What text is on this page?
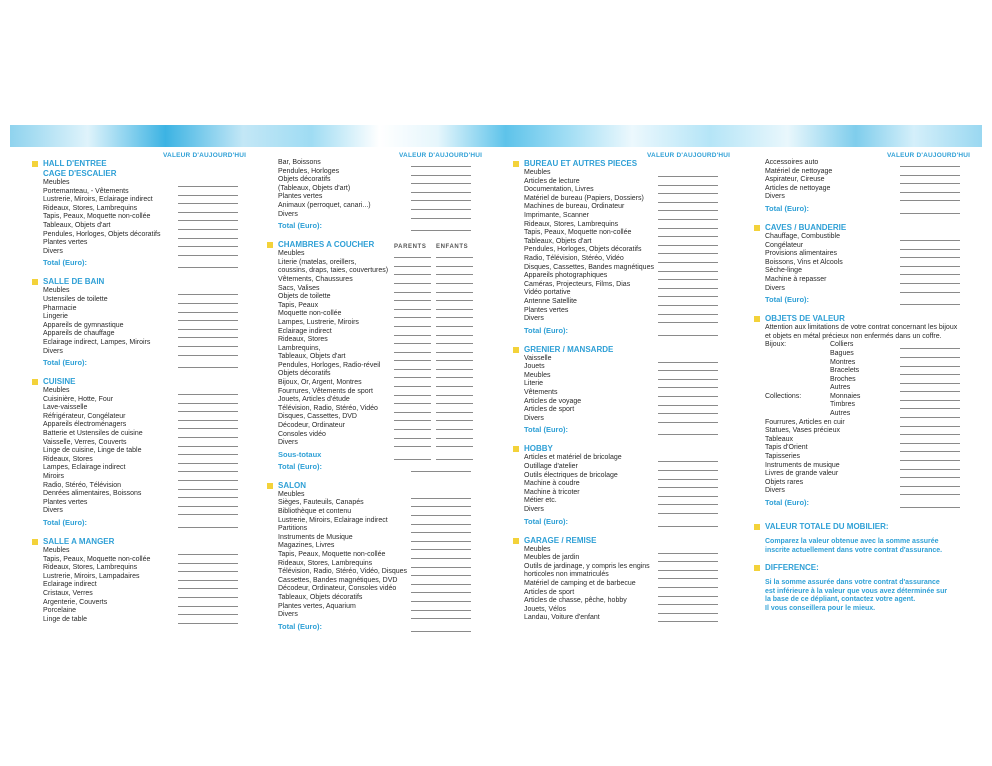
VALEUR D'AUJOURD'HUI
HALL D'ENTREE
CAGE D'ESCALIER
Meubles
Portemanteau, - Vêtements
Lustrerie, Miroirs, Eclairage indirect
Rideaux, Stores, Lambrequins
Tapis, Peaux, Moquette non-collée
Tableaux, Objets d'art
Pendules, Horloges, Objets décoratifs
Plantes vertes
Divers
Total (Euro):
SALLE DE BAIN
Meubles
Ustensiles de toilette
Pharmacie
Lingerie
Appareils de gymnastique
Appareils de chauffage
Eclairage indirect, Lampes, Miroirs
Divers
Total (Euro):
CUISINE
Meubles
Cuisinière, Hotte, Four
Lave-vaisselle
Réfrigérateur, Congélateur
Appareils électroménagers
Batterie et Ustensiles de cuisine
Vaisselle, Verres, Couverts
Linge de cuisine, Linge de table
Rideaux, Stores
Lampes, Eclairage indirect
Miroirs
Radio, Stéréo, Télévision
Denrées alimentaires, Boissons
Plantes vertes
Divers
Total (Euro):
SALLE A MANGER
Meubles
Tapis, Peaux, Moquette non-collée
Rideaux, Stores, Lambrequins
Lustrerie, Miroirs, Lampadaires
Eclairage indirect
Cristaux, Verres
Argenterie, Couverts
Porcelaine
Linge de table
VALEUR D'AUJOURD'HUI
Bar, Boissons
Pendules, Horloges
Objets décoratifs
(Tableaux, Objets d'art)
Plantes vertes
Animaux (perroquet, canari...)
Divers
Total (Euro):
CHAMBRES A COUCHER	PARENTS ENFANTS
Meubles
Literie (matelas, oreillers,
coussins, draps, taies, couvertures)
Vêtements, Chaussures
Sacs, Valises
Objets de toilette
Tapis, Peaux
Moquette non-collée
Lampes, Lustrerie, Miroirs
Eclairage indirect
Rideaux, Stores
Lambrequins,
Tableaux, Objets d'art
Pendules, Horloges, Radio-réveil
Objets décoratifs
Bijoux, Or, Argent, Montres
Fourrures, Vêtements de sport
Jouets, Articles d'étude
Télévision, Radio, Stéréo, Vidéo
Disques, Cassettes, DVD
Décodeur, Ordinateur
Consoles vidéo
Divers
Sous-totaux
Total (Euro):
SALON
Meubles
Sièges, Fauteuils, Canapés
Bibliothèque et contenu
Lustrerie, Miroirs, Eclairage indirect
Partitions
Instruments de Musique
Magazines, Livres
Tapis, Peaux, Moquette non-collée
Rideaux, Stores, Lambrequins
Télévision, Radio, Stéréo, Vidéo, Disques
Cassettes, Bandes magnétiques, DVD
Décodeur, Ordinateur, Consoles vidéo
Tableaux, Objets décoratifs
Plantes vertes, Aquarium
Divers
Total (Euro):
VALEUR D'AUJOURD'HUI
BUREAU ET AUTRES PIECES
Meubles
Articles de lecture
Documentation, Livres
Matériel de bureau (Papiers, Dossiers)
Machines de bureau, Ordinateur
Imprimante, Scanner
Rideaux, Stores, Lambrequins
Tapis, Peaux, Moquette non-collée
Tableaux, Objets d'art
Pendules, Horloges, Objets décoratifs
Radio, Télévision, Stéréo, Vidéo
Disques, Cassettes, Bandes magnétiques
Appareils photographiques
Caméras, Projecteurs, Films, Dias
Vidéo portative
Antenne Satellite
Plantes vertes
Divers
Total (Euro):
GRENIER / MANSARDE
Vaisselle
Jouets
Meubles
Literie
Vêtements
Articles de voyage
Articles de sport
Divers
Total (Euro):
HOBBY
Articles et matériel de bricolage
Outillage d'atelier
Outils électriques de bricolage
Machine à coudre
Machine à tricoter
Métier etc.
Divers
Total (Euro):
GARAGE / REMISE
Meubles
Meubles de jardin
Outils de jardinage, y compris les engins
horticoles non immatriculés
Matériel de camping et de barbecue
Articles de sport
Articles de chasse, pêche, hobby
Jouets, Vélos
Landau, Voiture d'enfant
VALEUR D'AUJOURD'HUI
Accessoires auto
Matériel de nettoyage
Aspirateur, Cireuse
Articles de nettoyage
Divers
Total (Euro):
CAVES / BUANDERIE
Chauffage, Combustible
Congélateur
Provisions alimentaires
Boissons, Vins et Alcools
Sèche-linge
Machine à repasser
Divers
Total (Euro):
OBJETS DE VALEUR
Attention aux limitations de votre contrat concernant les bijoux
et objets en métal précieux non enfermés dans un coffre.
Bijoux:	Colliers
Bagues
Montres
Bracelets
Broches
Autres
Collections:	Monnaies
Timbres
Autres
Fourrures, Articles en cuir
Statues, Vases précieux
Tableaux
Tapis d'Orient
Tapisseries
Instruments de musique
Livres de grande valeur
Objets rares
Divers
Total (Euro):
VALEUR TOTALE DU MOBILIER:
Comparez la valeur obtenue avec la somme assurée
inscrite actuellement dans votre contrat d'assurance.
DIFFERENCE:
Si la somme assurée dans votre contrat d'assurance
est inférieure à la valeur que vous avez déterminée sur
la base de ce dépliant, contactez votre agent.
Il vous conseillera pour le mieux.
